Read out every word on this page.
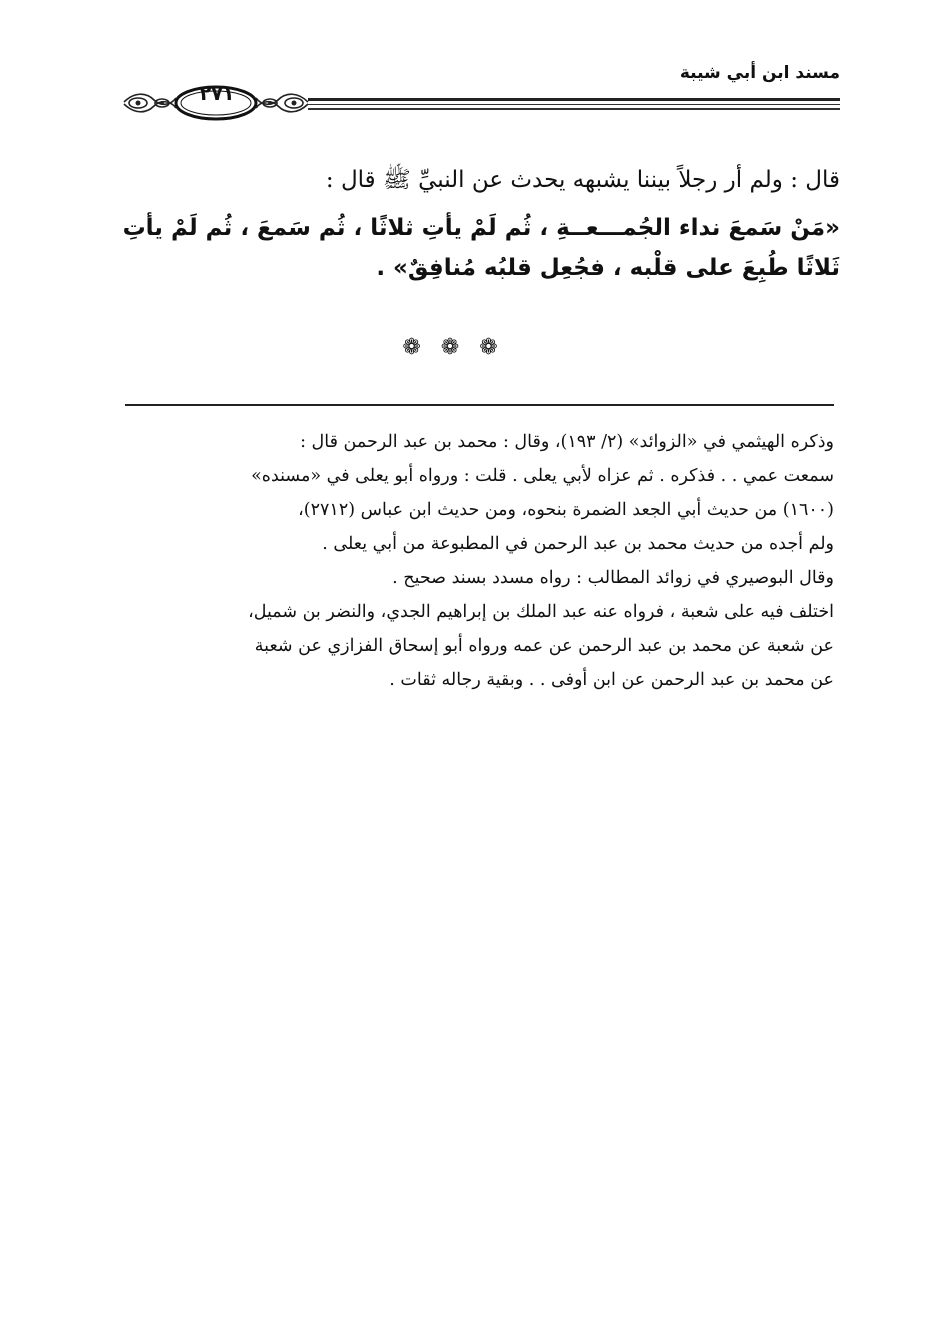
مسند ابن أبي شيبة
٢٧١

قال : ولم أر رجلاً بيننا يشبهه يحدث عن النبيِّ ﷺ قال :

«مَنْ سَمعَ نداء الجُمـــعــةِ ، ثُم لَمْ يأتِ ثلاثًا ، ثُم سَمعَ ، ثُم لَمْ يأتِ
ثَلاثًا طُبِعَ على قلْبه ، فجُعِل قلبُه مُنافِقٌ» .

❁❁❁
وذكره الهيثمي في «الزوائد» (٢/ ١٩٣)، وقال : محمد بن عبد الرحمن قال :
سمعت عمي . . فذكره . ثم عزاه لأبي يعلى . قلت : ورواه أبو يعلى في «مسنده»
(١٦٠٠) من حديث أبي الجعد الضمرة بنحوه، ومن حديث ابن عباس (٢٧١٢)،
ولم أجده من حديث محمد بن عبد الرحمن في المطبوعة من أبي يعلى .
وقال البوصيري في زوائد المطالب : رواه مسدد بسند صحيح .
اختلف فيه على شعبة ، فرواه عنه عبد الملك بن إبراهيم الجدي، والنضر بن شميل،
عن شعبة عن محمد بن عبد الرحمن عن عمه ورواه أبو إسحاق الفزازي عن شعبة
عن محمد بن عبد الرحمن عن ابن أوفى . . وبقية رجاله ثقات .
